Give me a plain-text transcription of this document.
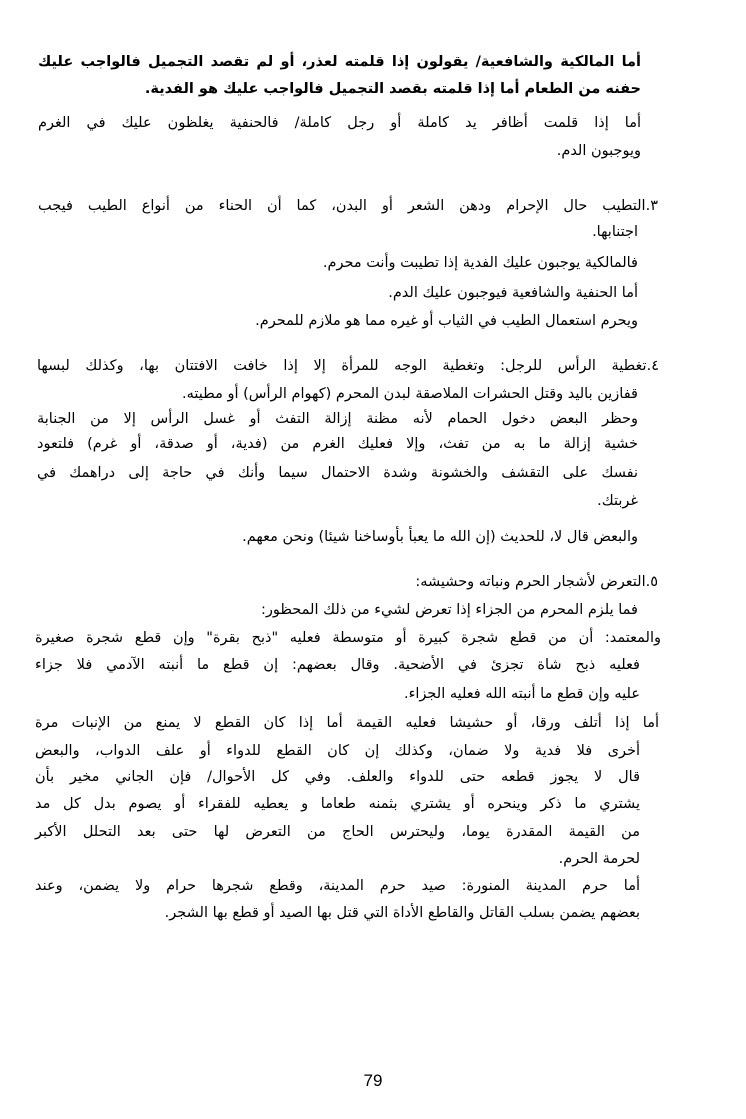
أما المالكية والشافعية/ يقولون إذا قلمته لعذر، أو لم تقصد التجميل فالواجب عليك
حفنه من الطعام أما إذا قلمته بقصد التجميل فالواجب عليك هو الفدية.
أما إذا قلمت أظافر يد كاملة أو رجل كاملة/ فالحنفية يغلظون عليك في الغرم
ويوجبون الدم.
٣.التطيب حال الإحرام ودهن الشعر أو البدن، كما أن الحناء من أنواع الطيب فيجب
اجتنابها.
فالمالكية يوجبون عليك الفدية إذا تطيبت وأنت محرم.
أما الحنفية والشافعية فيوجبون عليك الدم.
ويحرم استعمال الطيب في الثياب أو غيره مما هو ملازم للمحرم.
٤.تغطية الرأس للرجل: وتغطية الوجه للمرأة إلا إذا خافت الافتتان بها، وكذلك لبسها
قفازين باليد وقتل الحشرات الملاصقة لبدن المحرم (كهوام الرأس) أو مطيته.
وحظر البعض دخول الحمام لأنه مظنة إزالة التفث أو غسل الرأس إلا من الجنابة
خشية إزالة ما به من تفث، وإلا فعليك الغرم من (فدية، أو صدقة، أو غرم) فلتعود
نفسك على التقشف والخشونة وشدة الاحتمال سيما وأنك في حاجة إلى دراهمك في
غربتك.
والبعض قال لا، للحديث (إن الله ما يعبأ بأوساخنا شيئا) ونحن معهم.
٥.التعرض لأشجار الحرم ونباته وحشيشه:
فما يلزم المحرم من الجزاء إذا تعرض لشيء من ذلك المحظور:
والمعتمد: أن من قطع شجرة كبيرة أو متوسطة فعليه "ذبح بقرة" وإن قطع شجرة صغيرة
فعليه ذبح شاة تجزئ في الأضحية. وقال بعضهم: إن قطع ما أنبته الآدمي فلا جزاء
عليه وإن قطع ما أنبته الله فعليه الجزاء.
أما إذا أتلف ورقا، أو حشيشا فعليه القيمة أما إذا كان القطع لا يمنع من الإنبات مرة
أخرى فلا فدية ولا ضمان، وكذلك إن كان القطع للدواء أو علف الدواب، والبعض
قال لا يجوز قطعه حتى للدواء والعلف. وفي كل الأحوال/ فإن الجاني مخير بأن
يشتري ما ذكر وينحره أو يشتري بثمنه طعاما و يعطيه للفقراء أو يصوم بدل كل مد
من القيمة المقدرة يوما، وليحترس الحاج من التعرض لها حتى بعد التحلل الأكبر
لحرمة الحرم.
أما حرم المدينة المنورة: صيد حرم المدينة، وقطع شجرها حرام ولا يضمن، وعند
بعضهم يضمن بسلب القاتل والقاطع الأداة التي قتل بها الصيد أو قطع بها الشجر.
79
